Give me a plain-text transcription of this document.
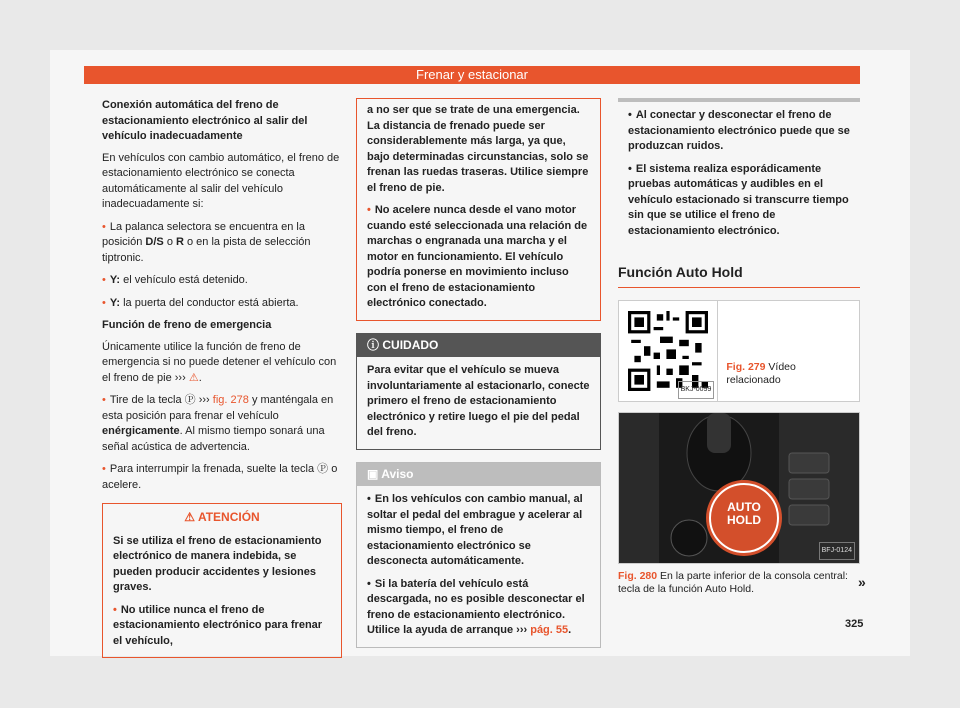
Frenar y estacionar

Conexión automática del freno de estacionamiento electrónico al salir del vehículo inadecuadamente

En vehículos con cambio automático, el freno de estacionamiento electrónico se conecta automáticamente al salir del vehículo inadecuadamente si:

• La palanca selectora se encuentra en la posición D/S o R o en la pista de selección tiptronic.

• Y: el vehículo está detenido.

• Y: la puerta del conductor está abierta.

Función de freno de emergencia

Únicamente utilice la función de freno de emergencia si no puede detener el vehículo con el freno de pie ››› ⚠.

• Tire de la tecla Ⓟ ››› fig. 278 y manténgala en esta posición para frenar el vehículo enérgicamente. Al mismo tiempo sonará una señal acústica de advertencia.

• Para interrumpir la frenada, suelte la tecla Ⓟ o acelere.

⚠ ATENCIÓN

Si se utiliza el freno de estacionamiento electrónico de manera indebida, se pueden producir accidentes y lesiones graves.

• No utilice nunca el freno de estacionamiento electrónico para frenar el vehículo,

a no ser que se trate de una emergencia. La distancia de frenado puede ser considerablemente más larga, ya que, bajo determinadas circunstancias, solo se frenan las ruedas traseras. Utilice siempre el freno de pie.

• No acelere nunca desde el vano motor cuando esté seleccionada una relación de marchas o engranada una marcha y el motor en funcionamiento. El vehículo podría ponerse en movimiento incluso con el freno de estacionamiento electrónico conectado.

ⓘ CUIDADO
Para evitar que el vehículo se mueva involuntariamente al estacionarlo, conecte primero el freno de estacionamiento electrónico y retire luego el pie del pedal del freno.
▣ Aviso

• En los vehículos con cambio manual, al soltar el pedal del embrague y acelerar al mismo tiempo, el freno de estacionamiento electrónico se desconecta automáticamente.

• Si la batería del vehículo está descargada, no es posible desconectar el freno de estacionamiento electrónico. Utilice la ayuda de arranque ››› pág. 55.

• Al conectar y desconectar el freno de estacionamiento electrónico puede que se produzcan ruidos.

• El sistema realiza esporádicamente pruebas automáticas y audibles en el vehículo estacionado si transcurre tiempo sin que se utilice el freno de estacionamiento electrónico.

Función Auto Hold
BKJ-0099
Fig. 279 Vídeo relacionado
AUTO
HOLD
BFJ-0124
Fig. 280 En la parte inferior de la consola central: tecla de la función Auto Hold.	»
325
